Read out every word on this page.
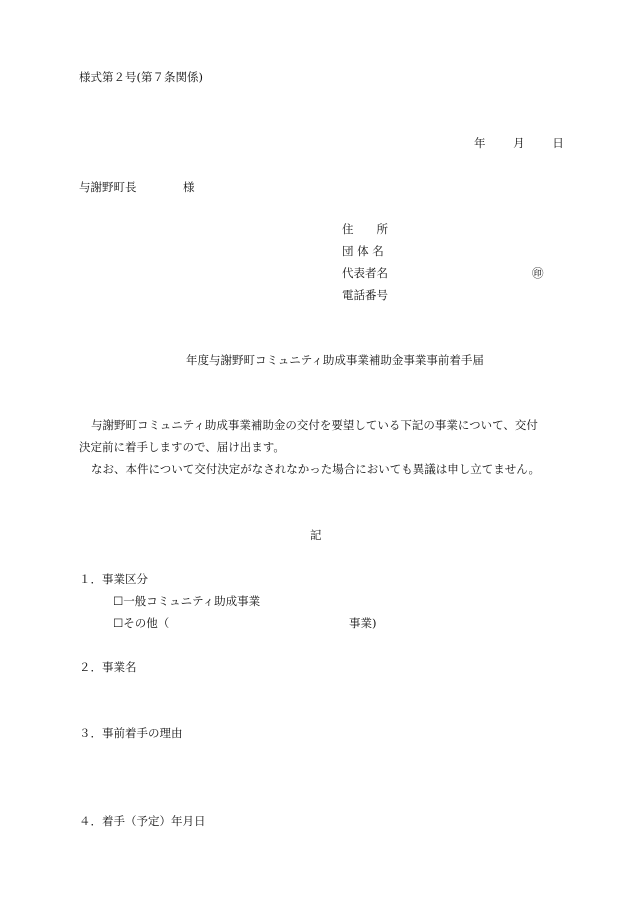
様式第２号(第７条関係)
年 月 日
与謝野町長	様
住　　所
団 体 名
代表者名	㊞
電話番号
年度与謝野町コミュニティ助成事業補助金事業事前着手届
与謝野町コミュニティ助成事業補助金の交付を要望している下記の事業について、交付
決定前に着手しますので、届け出ます。
なお、本件について交付決定がなされなかった場合においても異議は申し立てません。
記
１．事業区分
☐一般コミュニティ助成事業
☐その他（	事業)
２．事業名
３．事前着手の理由
４．着手（予定）年月日
